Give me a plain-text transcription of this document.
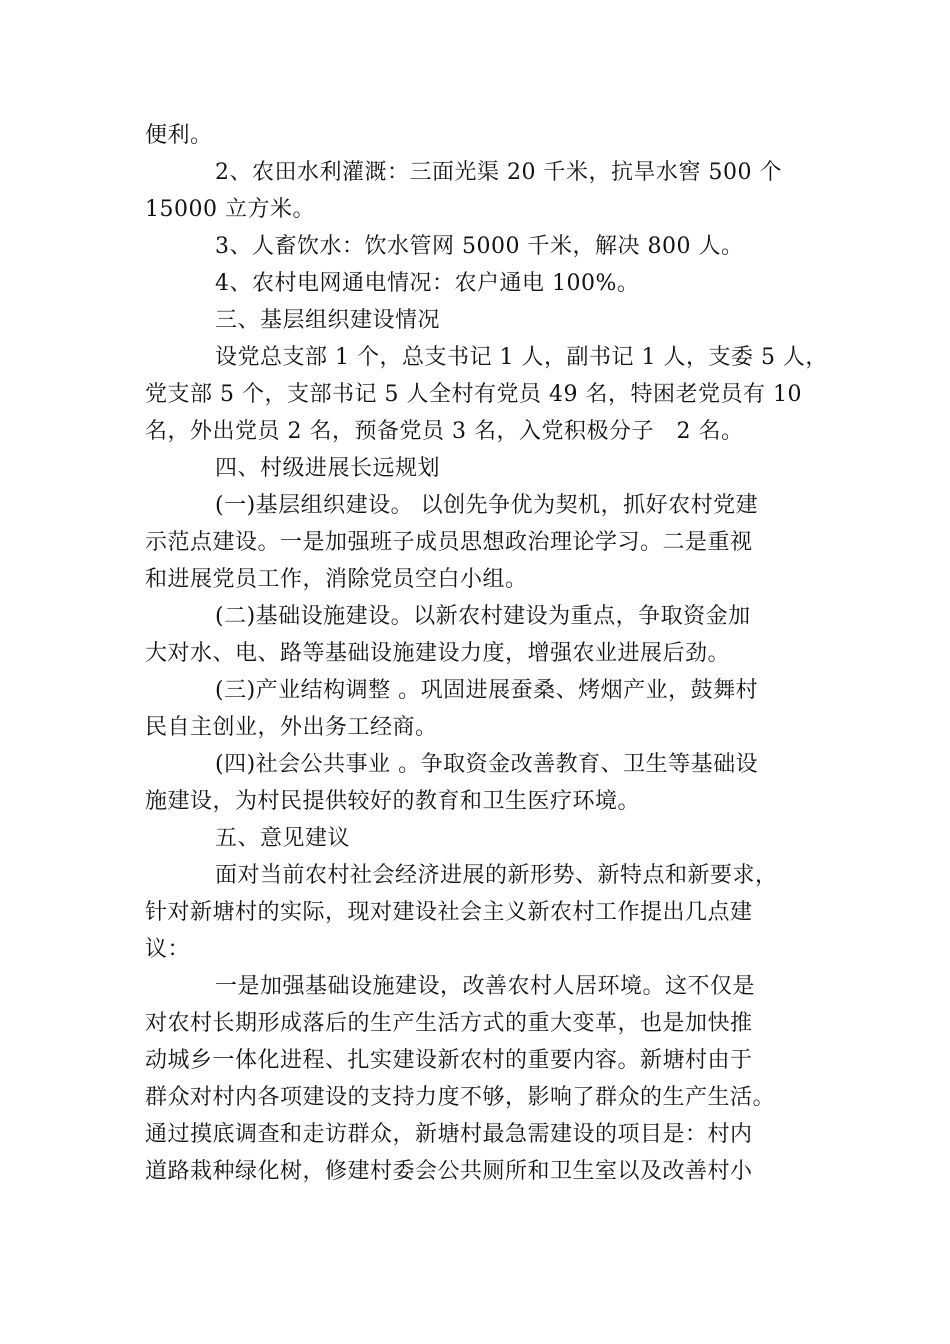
便利。

2、农田水利灌溉：三面光渠 20 千米，抗旱水窖 500 个

15000 立方米。

3、人畜饮水：饮水管网 5000 千米，解决 800 人。

4、农村电网通电情况：农户通电 100%。

三、基层组织建设情况

设党总支部 1 个，总支书记 1 人，副书记 1 人，支委 5 人，

党支部 5 个，支部书记 5 人全村有党员 49 名，特困老党员有 10

名，外出党员 2 名，预备党员 3 名，入党积极分子   2 名。

四、村级进展长远规划

(一)基层组织建设。 以创先争优为契机，抓好农村党建

示范点建设。一是加强班子成员思想政治理论学习。二是重视

和进展党员工作，消除党员空白小组。

(二)基础设施建设。以新农村建设为重点，争取资金加

大对水、电、路等基础设施建设力度，增强农业进展后劲。

(三)产业结构调整 。巩固进展蚕桑、烤烟产业，鼓舞村

民自主创业，外出务工经商。

(四)社会公共事业 。争取资金改善教育、卫生等基础设

施建设，为村民提供较好的教育和卫生医疗环境。

五、意见建议

面对当前农村社会经济进展的新形势、新特点和新要求，

针对新塘村的实际，现对建设社会主义新农村工作提出几点建

议：

一是加强基础设施建设，改善农村人居环境。这不仅是

对农村长期形成落后的生产生活方式的重大变革，也是加快推

动城乡一体化进程、扎实建设新农村的重要内容。新塘村由于

群众对村内各项建设的支持力度不够，影响了群众的生产生活。

通过摸底调查和走访群众，新塘村最急需建设的项目是：村内

道路栽种绿化树，修建村委会公共厕所和卫生室以及改善村小
